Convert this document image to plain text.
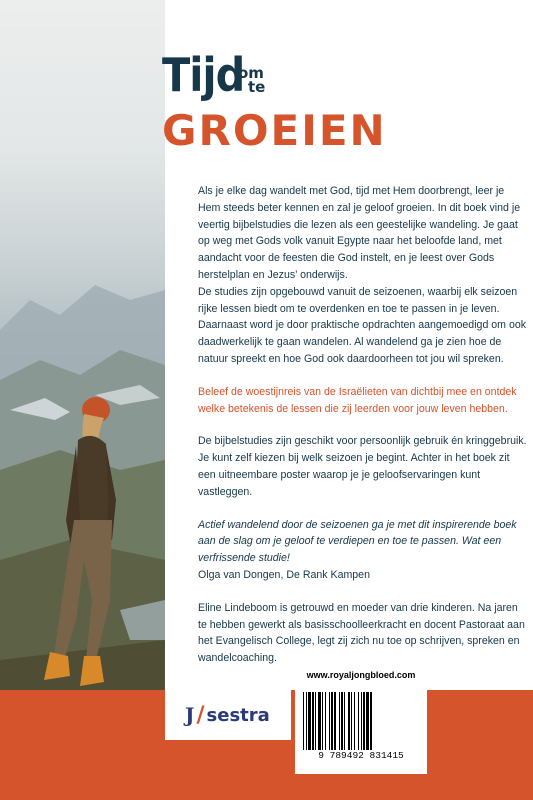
Tijd
om
te
GROEIEN

Als je elke dag wandelt met God, tijd met Hem doorbrengt, leer je Hem steeds beter kennen en zal je geloof groeien. In dit boek vind je veertig bijbelstudies die lezen als een geestelijke wandeling. Je gaat op weg met Gods volk vanuit Egypte naar het beloofde land, met aandacht voor de feesten die God instelt, en je leest over Gods herstelplan en Jezus’ onderwijs.

De studies zijn opgebouwd vanuit de seizoenen, waarbij elk seizoen rijke lessen biedt om te overdenken en toe te passen in je leven. Daarnaast word je door praktische opdrachten aangemoedigd om ook daadwerkelijk te gaan wandelen. Al wandelend ga je zien hoe de natuur spreekt en hoe God ook daardoorheen tot jou wil spreken.

Beleef de woestijnreis van de Israëlieten van dichtbij mee en ontdek welke betekenis de lessen die zij leerden voor jouw leven hebben.

De bijbelstudies zijn geschikt voor persoonlijk gebruik én kringgebruik. Je kunt zelf kiezen bij welk seizoen je begint. Achter in het boek zit een uitneembare poster waarop je je geloofservaringen kunt vastleggen.

Actief wandelend door de seizoenen ga je met dit inspirerende boek aan de slag om je geloof te verdiepen en toe te passen. Wat een verfrissende studie!

Olga van Dongen, De Rank Kampen

Eline Lindeboom is getrouwd en moeder van drie kinderen. Na jaren te hebben gewerkt als basisschoolleerkracht en docent Pastoraat aan het Evangelisch College, legt zij zich nu toe op schrijven, spreken en wandelcoaching.

J / sestra
www.royaljongbloed.com
9 789492 831415
